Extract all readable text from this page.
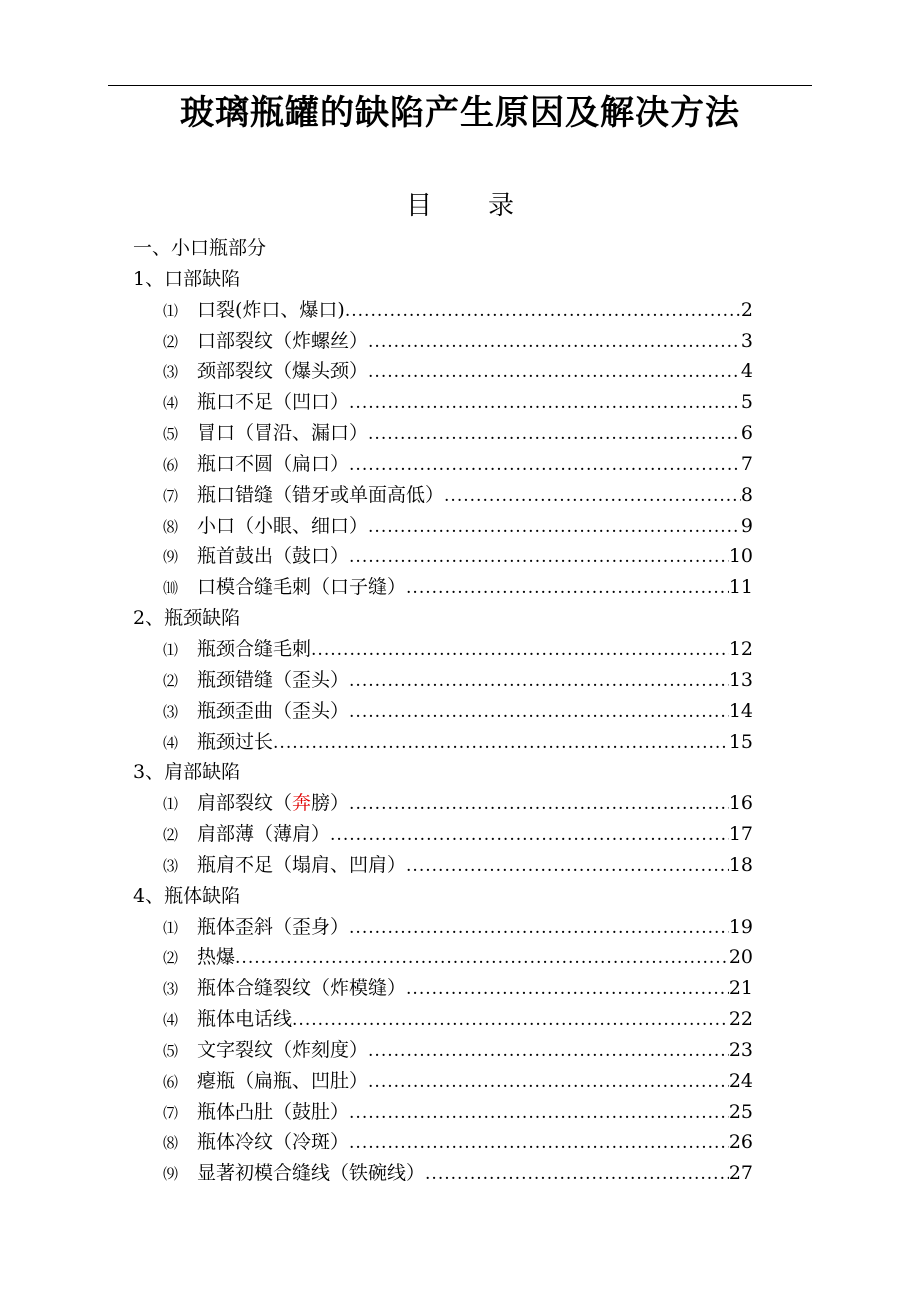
玻璃瓶罐的缺陷产生原因及解决方法
目 录
一、小口瓶部分
1、口部缺陷
⑴ 口裂(炸口、爆口) .....	2
⑵ 口部裂纹（炸螺丝） .....	3
⑶ 颈部裂纹（爆头颈） .....	4
⑷ 瓶口不足（凹口） .....	5
⑸ 冒口（冒沿、漏口） .....	6
⑹ 瓶口不圆（扁口） .....	7
⑺ 瓶口错缝（错牙或单面高低） .....	8
⑻ 小口（小眼、细口） .....	9
⑼ 瓶首鼓出（鼓口） .....	10
⑽ 口模合缝毛刺（口子缝） .....	11
2、瓶颈缺陷
⑴ 瓶颈合缝毛刺 .....	12
⑵ 瓶颈错缝（歪头） .....	13
⑶ 瓶颈歪曲（歪头） .....	14
⑷ 瓶颈过长 .....	15
3、肩部缺陷
⑴ 肩部裂纹（奔膀） .....	16
⑵ 肩部薄（薄肩） .....	17
⑶ 瓶肩不足（塌肩、凹肩） .....	18
4、瓶体缺陷
⑴ 瓶体歪斜（歪身） .....	19
⑵ 热爆 .....	20
⑶ 瓶体合缝裂纹（炸模缝） .....	21
⑷ 瓶体电话线 .....	22
⑸ 文字裂纹（炸刻度） .....	23
⑹ 瘪瓶（扁瓶、凹肚） .....	24
⑺ 瓶体凸肚（鼓肚） .....	25
⑻ 瓶体冷纹（冷斑） .....	26
⑼ 显著初模合缝线（铁碗线） .....	27
